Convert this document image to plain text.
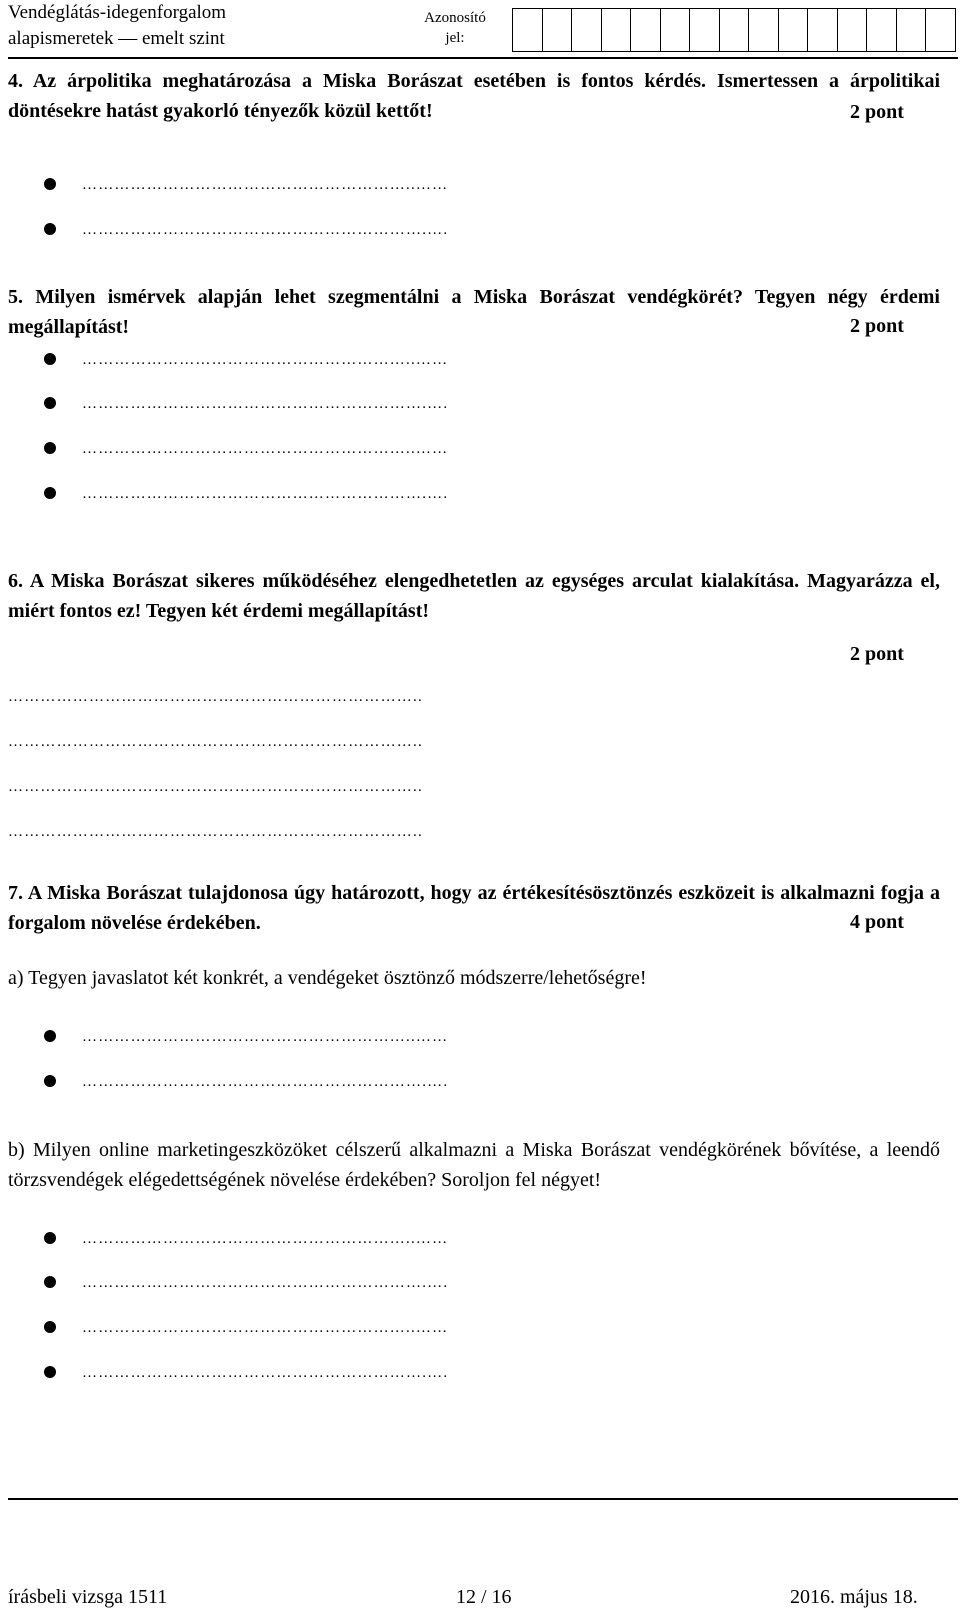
Vendéglátás-idegenforgalom
alapismeretek — emelt szint
Azonosító
jel:
4. Az árpolitika meghatározása a Miska Borászat esetében is fontos kérdés. Ismertessen a árpolitikai döntésekre hatást gyakorló tényezők közül kettőt!	2 pont
……………………………………………………..……
……………………………………………………….….
5. Milyen ismérvek alapján lehet szegmentálni a Miska Borászat vendégkörét? Tegyen négy érdemi megállapítást!	2 pont
……………………………………………………..……
……………………………………………………….….
……………………………………………………..……
……………………………………………………….….
6. A Miska Borászat sikeres működéséhez elengedhetetlen az egységes arculat kialakítása. Magyarázza el, miért fontos ez! Tegyen két érdemi megállapítást!
2 pont
…………………………………………………………………..
…………………………………………………………………..
…………………………………………………………………..
…………………………………………………………………..
7. A Miska Borászat tulajdonosa úgy határozott, hogy az értékesítésösztönzés eszközeit is alkalmazni fogja a forgalom növelése érdekében.	4 pont
a) Tegyen javaslatot két konkrét, a vendégeket ösztönző módszerre/lehetőségre!
……………………………………………………..……
……………………………………………………….….
b) Milyen online marketingeszközöket célszerű alkalmazni a Miska Borászat vendégkörének bővítése, a leendő törzsvendégek elégedettségének növelése érdekében? Soroljon fel négyet!
……………………………………………………..……
……………………………………………………….….
……………………………………………………..……
……………………………………………………….….
írásbeli vizsga 1511	12 / 16	2016. május 18.
